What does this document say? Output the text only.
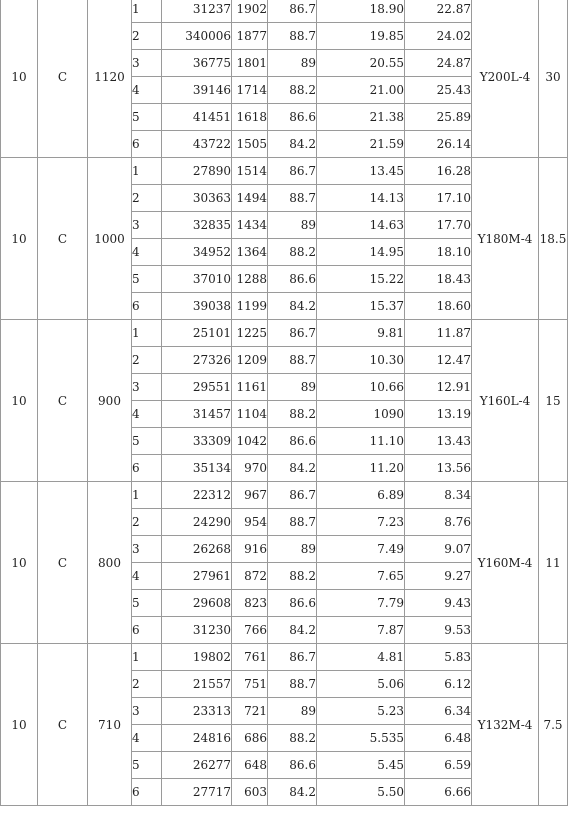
10	C	1120	1	31237	1902	86.7	18.90	22.87	Y200L-4	30
			2	340006	1877	88.7	19.85	24.02		
			3	36775	1801	89	20.55	24.87		
			4	39146	1714	88.2	21.00	25.43		
			5	41451	1618	86.6	21.38	25.89		
			6	43722	1505	84.2	21.59	26.14		
10	C	1000	1	27890	1514	86.7	13.45	16.28	Y180M-4	18.5
			2	30363	1494	88.7	14.13	17.10		
			3	32835	1434	89	14.63	17.70		
			4	34952	1364	88.2	14.95	18.10		
			5	37010	1288	86.6	15.22	18.43		
			6	39038	1199	84.2	15.37	18.60		
10	C	900	1	25101	1225	86.7	9.81	11.87	Y160L-4	15
			2	27326	1209	88.7	10.30	12.47		
			3	29551	1161	89	10.66	12.91		
			4	31457	1104	88.2	1090	13.19		
			5	33309	1042	86.6	11.10	13.43		
			6	35134	970	84.2	11.20	13.56		
10	C	800	1	22312	967	86.7	6.89	8.34	Y160M-4	11
			2	24290	954	88.7	7.23	8.76		
			3	26268	916	89	7.49	9.07		
			4	27961	872	88.2	7.65	9.27		
			5	29608	823	86.6	7.79	9.43		
			6	31230	766	84.2	7.87	9.53		
10	C	710	1	19802	761	86.7	4.81	5.83	Y132M-4	7.5
			2	21557	751	88.7	5.06	6.12		
			3	23313	721	89	5.23	6.34		
			4	24816	686	88.2	5.535	6.48		
			5	26277	648	86.6	5.45	6.59		
			6	27717	603	84.2	5.50	6.66		
